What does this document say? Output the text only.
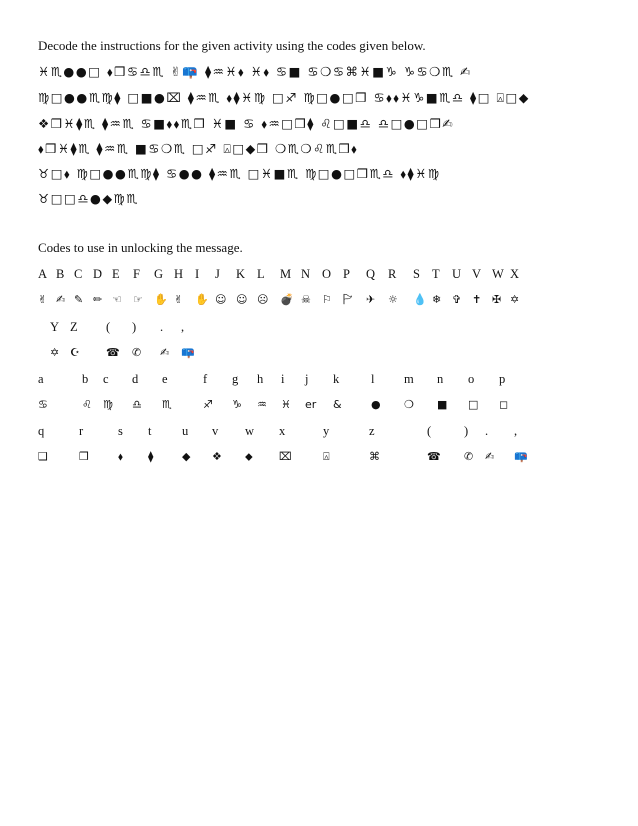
Decode the instructions for the given activity using the codes given below.
♓♏●●□ ⬧❒♋♎♏ ✌📪 ⧫♒♓⬧ ♓⬧ ♋■ ♋❍♋⌘♓■♑ ♑♋❍♏ ✍
♍□●●♏♍⧫ □■●⌧ ⧫♒♏ ⬧⧫♓♍ □♐ ♍□●□❒ ♋⬧⬧♓♑■♏♎ ⧫□ ⍓□◆
❖❒♓⧫♏ ⧫♒♏ ♋■⬧⬧♏❒ ♓■ ♋ ⬧♒□❒⧫ ♌□■♎ ♎□●□❒✍
⬧❒♓⧫♏ ⧫♒♏ ■♋❍♏ □♐ ⍓□◆❒ ❍♏❍♌♏❒⬧
♉□⬧ ♍□●●♏♍⧫ ♋●● ⧫♒♏ □♓■♏ ♍□●□❒♏♎ ⬧⧫♓♍
♉□□♎●◆♍♏
Codes to use in unlocking the message.
A B C D E F G H I J K L M N O P Q R S T U V W X
✌ ✍ ✎ ✏ ☜ ☞ ✋ ✌ ✋ ☺ ☺ ☹ 💣 ☠ ⚐ 🏱 ✈ ☼ 💧 ❄ ✞ ✝ ✠ ✡
Y Z ( ) . ,
✡ ☪ ☎ ✆ ✍ 📪
a	b c d e	f g h i j k	l m n o p
♋	♌ ♍ ♎ ♏	♐ ♑ ♒ ♓ er &	● ❍ ■ □ ◻
q	r	s t u v w x	y	z	(	) . ,
❑	❒	⬧ ⧫	◆ ❖ ⬥ ⌧	⍓	⌘	☎ ✆ ✍ 📪
